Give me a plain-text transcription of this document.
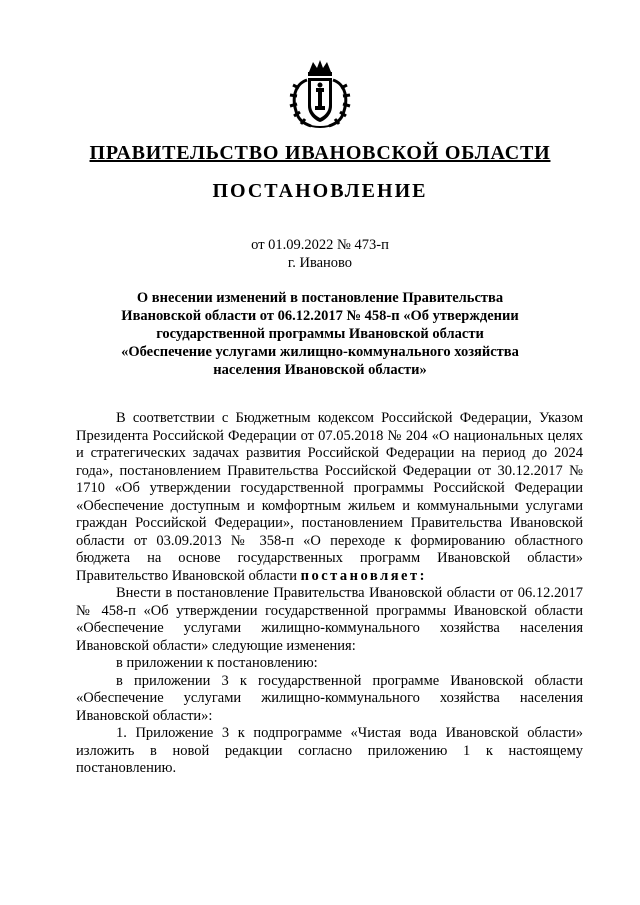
ПРАВИТЕЛЬСТВО ИВАНОВСКОЙ ОБЛАСТИ
ПОСТАНОВЛЕНИЕ
от 01.09.2022 № 473-п
г. Иваново
О внесении изменений в постановление Правительства Ивановской области от 06.12.2017 № 458-п «Об утверждении государственной программы Ивановской области «Обеспечение услугами жилищно-коммунального хозяйства населения Ивановской области»

В соответствии с Бюджетным кодексом Российской Федерации, Указом Президента Российской Федерации от 07.05.2018 № 204 «О национальных целях и стратегических задачах развития Российской Федерации на период до 2024 года», постановлением Правительства Российской Федерации от 30.12.2017 № 1710 «Об утверждении государственной программы Российской Федерации «Обеспечение доступным и комфортным жильем и коммунальными услугами граждан Российской Федерации», постановлением Правительства Ивановской области от 03.09.2013 № 358-п «О переходе к формированию областного бюджета на основе государственных программ Ивановской области» Правительство Ивановской области постановляет:

Внести в постановление Правительства Ивановской области от 06.12.2017 № 458-п «Об утверждении государственной программы Ивановской области «Обеспечение услугами жилищно-коммунального хозяйства населения Ивановской области» следующие изменения:

в приложении к постановлению:

в приложении 3 к государственной программе Ивановской области «Обеспечение услугами жилищно-коммунального хозяйства населения Ивановской области»:

1. Приложение 3 к подпрограмме «Чистая вода Ивановской области» изложить в новой редакции согласно приложению 1 к настоящему постановлению.
